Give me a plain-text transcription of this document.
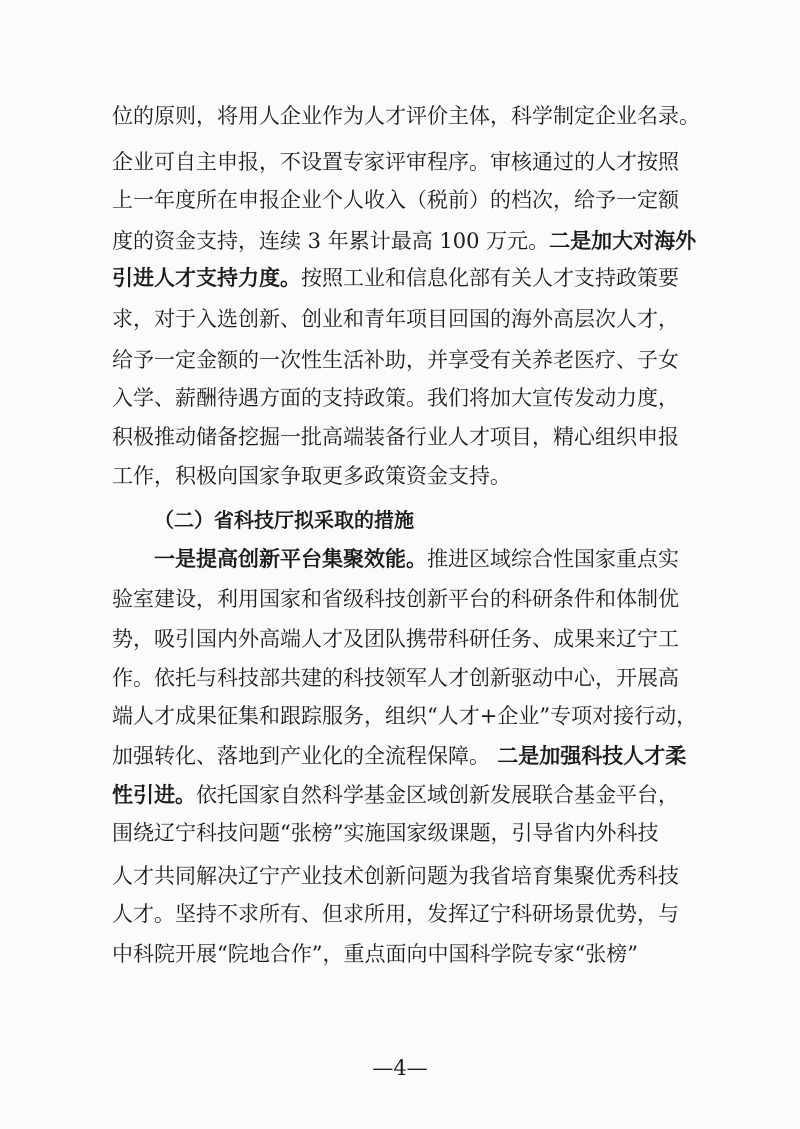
位的原则，将用人企业作为人才评价主体，科学制定企业名录。
企业可自主申报，不设置专家评审程序。审核通过的人才按照
上一年度所在申报企业个人收入（税前）的档次，给予一定额
度的资金支持，连续 3 年累计最高 100 万元。二是加大对海外
引进人才支持力度。按照工业和信息化部有关人才支持政策要
求，对于入选创新、创业和青年项目回国的海外高层次人才，
给予一定金额的一次性生活补助，并享受有关养老医疗、子女
入学、薪酬待遇方面的支持政策。我们将加大宣传发动力度，
积极推动储备挖掘一批高端装备行业人才项目，精心组织申报
工作，积极向国家争取更多政策资金支持。
（二）省科技厅拟采取的措施
一是提高创新平台集聚效能。推进区域综合性国家重点实
验室建设，利用国家和省级科技创新平台的科研条件和体制优
势，吸引国内外高端人才及团队携带科研任务、成果来辽宁工
作。依托与科技部共建的科技领军人才创新驱动中心，开展高
端人才成果征集和跟踪服务，组织“人才+企业”专项对接行动，
加强转化、落地到产业化的全流程保障。 二是加强科技人才柔
性引进。依托国家自然科学基金区域创新发展联合基金平台，
围绕辽宁科技问题“张榜”实施国家级课题，引导省内外科技
人才共同解决辽宁产业技术创新问题为我省培育集聚优秀科技
人才。坚持不求所有、但求所用，发挥辽宁科研场景优势，与
中科院开展“院地合作”，重点面向中国科学院专家“张榜”
—4—
